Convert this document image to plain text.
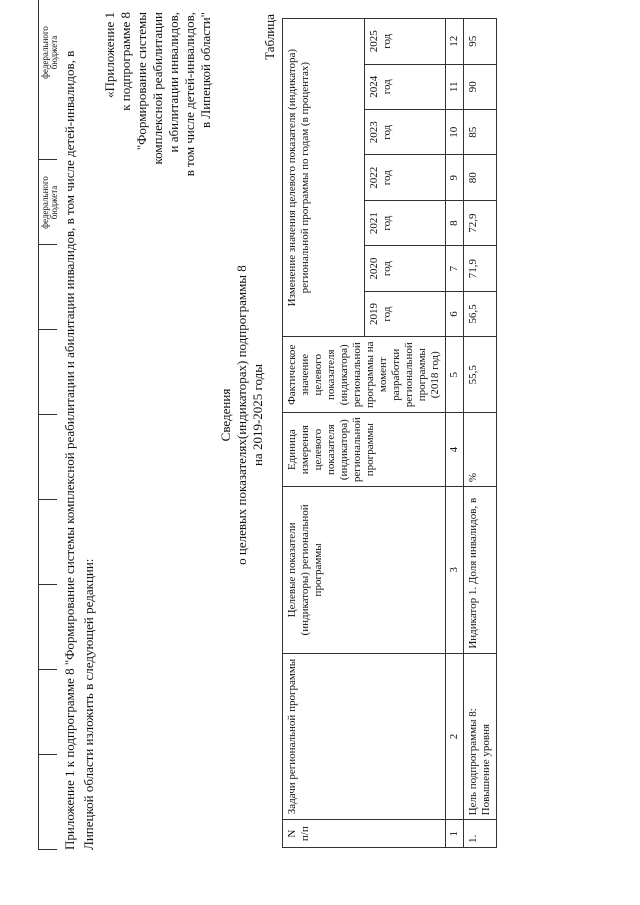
федерального бюджета
федерального бюджета Приложение 1 к подпрограмме 8 "Формирование системы комплексной реабилитации и абилитации инвалидов, в том числе детей-инвалидов, в Липецкой области изложить в следующей редакции:
«Приложение 1
к подпрограмме 8
"Формирование системы
комплексной реабилитации
и абилитации инвалидов,
в том числе детей-инвалидов,
в Липецкой области"
Сведения о целевых показателях(индикаторах) подпрограммы 8 на 2019-2025 годы
Таблица
N п/п	Задачи региональной программы	Целевые показатели (индикаторы) региональной программы	Единица измерения целевого показателя (индикатора) региональной программы	Фактическое значение целевого показателя (индикатора) региональной программы на момент разработки региональной программы (2018 год)	Изменение значения целевого показателя (индикатора) региональной программы по годам (в процентах)						
					2019 год	2020 год	2021 год	2022 год	2023 год	2024 год	2025 год
1	2	3	4	5	6	7	8	9	10	11	12
1.	Цель подпрограммы 8: Повышение уровня	Индикатор 1. Доля инвалидов, в	%	55,5	56,5	71,9	72,9	80	85	90	95
